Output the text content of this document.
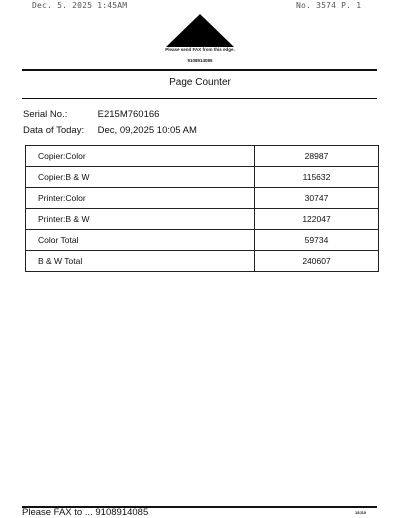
Dec. 5. 2025 1:45AM	No. 3574 P. 1
Please send FAX from this edge.
9108914085
Page Counter
Serial No.:	E215M760166
Data of Today: Dec, 09,2025 10:05 AM
Copier:Color	28987
Copier:B & W	115632
Printer:Color	30747
Printer:B & W	122047
Color Total	59734
B & W Total	240607
Please FAX to ... 9108914085	15J10
